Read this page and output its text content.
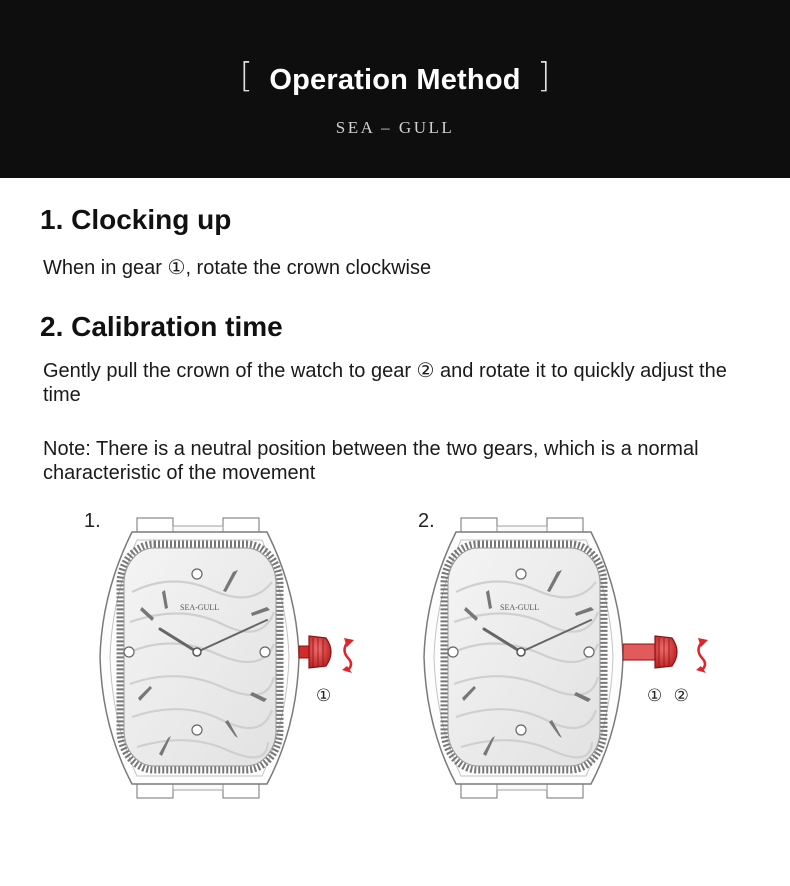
[ Operation Method ]
SEA – GULL
1. Clocking up
When in gear ①, rotate the crown clockwise
2. Calibration time
Gently pull the crown of the watch to gear ② and rotate it to quickly adjust the time
Note: There is a neutral position between the two gears, which is a normal characteristic of the movement
1.	2.
SEA-GULL
①
SEA-GULL
① ②
